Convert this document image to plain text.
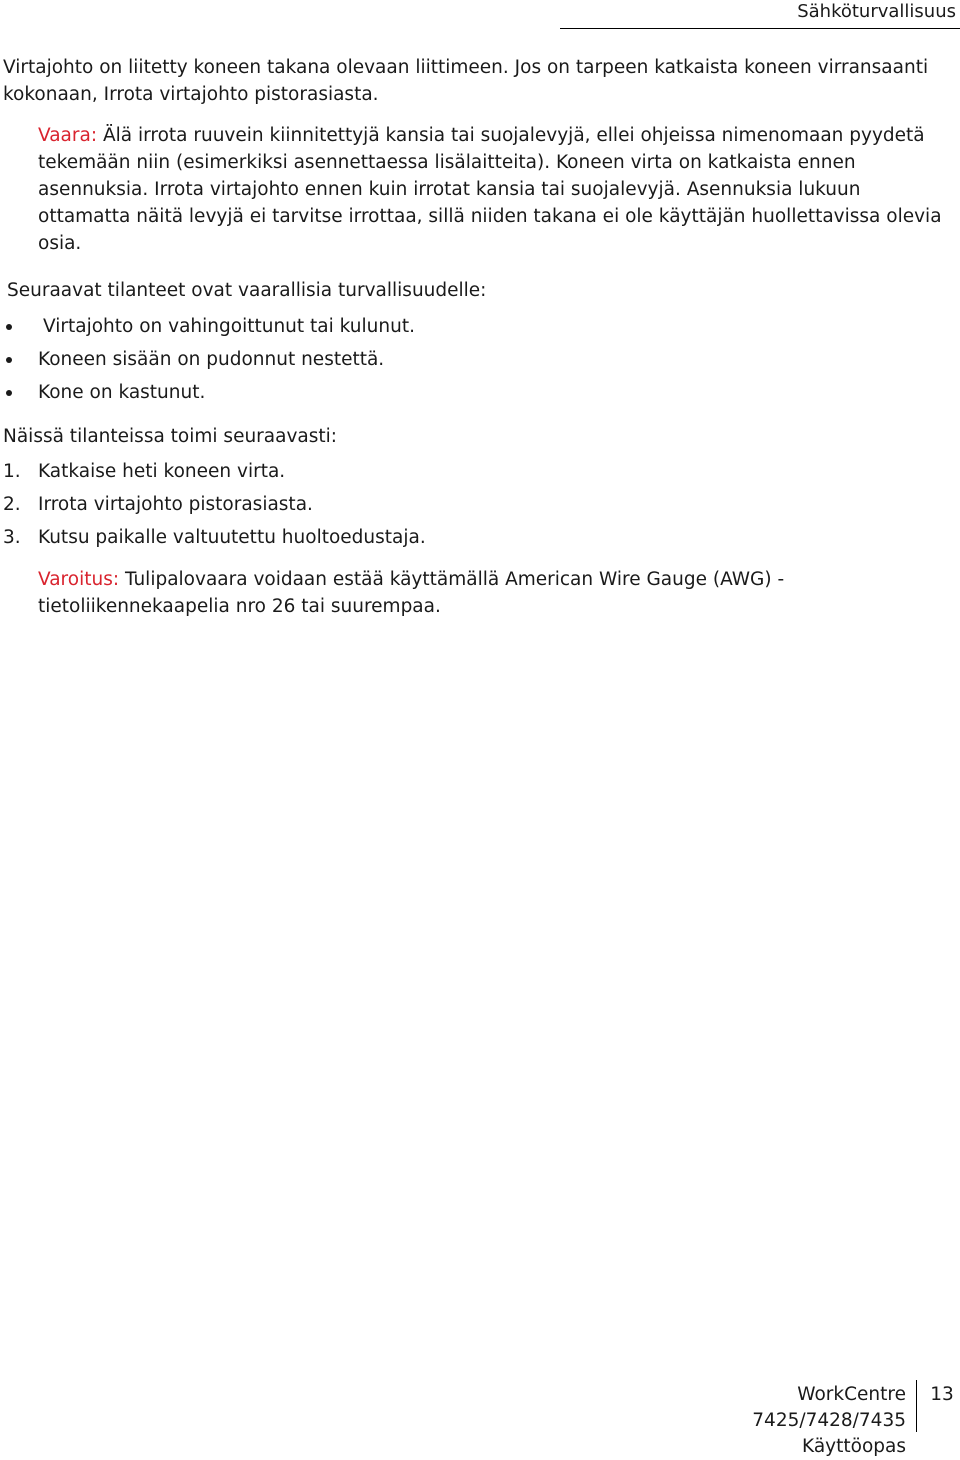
Sähköturvallisuus

Virtajohto on liitetty koneen takana olevaan liittimeen. Jos on tarpeen katkaista koneen virransaanti kokonaan, Irrota virtajohto pistorasiasta.

Vaara: Älä irrota ruuvein kiinnitettyjä kansia tai suojalevyjä, ellei ohjeissa nimenomaan pyydetä tekemään niin (esimerkiksi asennettaessa lisälaitteita). Koneen virta on katkaista ennen asennuksia. Irrota virtajohto ennen kuin irrotat kansia tai suojalevyjä. Asennuksia lukuun ottamatta näitä levyjä ei tarvitse irrottaa, sillä niiden takana ei ole käyttäjän huollettavissa olevia osia.

Seuraavat tilanteet ovat vaarallisia turvallisuudelle:
Virtajohto on vahingoittunut tai kulunut.
Koneen sisään on pudonnut nestettä.
Kone on kastunut.
Näissä tilanteissa toimi seuraavasti:
1. Katkaise heti koneen virta.
2. Irrota virtajohto pistorasiasta.
3. Kutsu paikalle valtuutettu huoltoedustaja.

Varoitus: Tulipalovaara voidaan estää käyttämällä American Wire Gauge (AWG) - tietoliikennekaapelia nro 26 tai suurempaa.

WorkCentre 7425/7428/7435
Käyttöopas
13
